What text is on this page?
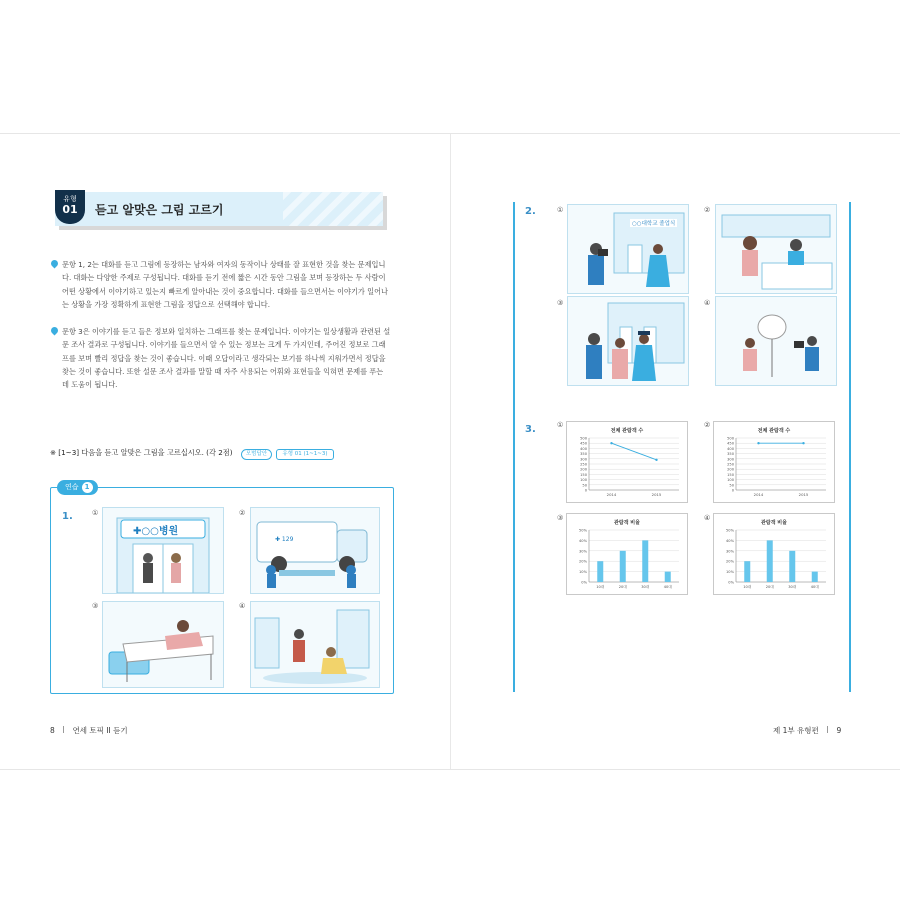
유형
01	듣고 알맞은 그림 고르기
문항 1, 2는 대화를 듣고 그림에 등장하는 남자와 여자의 동작이나 상태를 잘 표현한 것을 찾는 문제입니다. 대화는 다양한 주제로 구성됩니다. 대화를 듣기 전에 짧은 시간 동안 그림을 보며 등장하는 두 사람이 어떤 상황에서 이야기하고 있는지 빠르게 알아내는 것이 중요합니다. 대화를 들으면서는 이야기가 일어나는 상황을 가장 정확하게 표현한 그림을 정답으로 선택해야 합니다.
문항 3은 이야기를 듣고 들은 정보와 일치하는 그래프를 찾는 문제입니다. 이야기는 일상생활과 관련된 설문 조사 결과로 구성됩니다. 이야기를 들으면서 알 수 있는 정보는 크게 두 가지인데, 주어진 정보로 그래프를 보며 빨리 정답을 찾는 것이 좋습니다. 이때 오답이라고 생각되는 보기를 하나씩 지워가면서 정답을 찾는 것이 좋습니다. 또한 설문 조사 결과를 말할 때 자주 사용되는 어휘와 표현들을 익혀면 문제를 푸는 데 도움이 됩니다.
※ [1~3] 다음을 듣고 알맞은 그림을 고르십시오. (각 2점) 모범답안	유형 01 (1~1~3)
연습 1
1.	①	②
③	④
✚○○병원
✚ 129
8 연세 토픽 II 듣기
2.	①	②
③	④
○○대학교 졸업식
3.	①	②
③	④
전체 관람객 수
500
450
400
350
300
250
200
150
100
50
0
2014	2015
전체 관람객 수
500
450
400
350
300
250
200
150
100
50
0
2014	2015
관람객 비율
50%
40%
30%
20%
10%
0%
10대	20대	30대	40대
관람객 비율
50%
40%
30%
20%
10%
0%
10대	20대	30대	40대
제 1부 유형편 9
